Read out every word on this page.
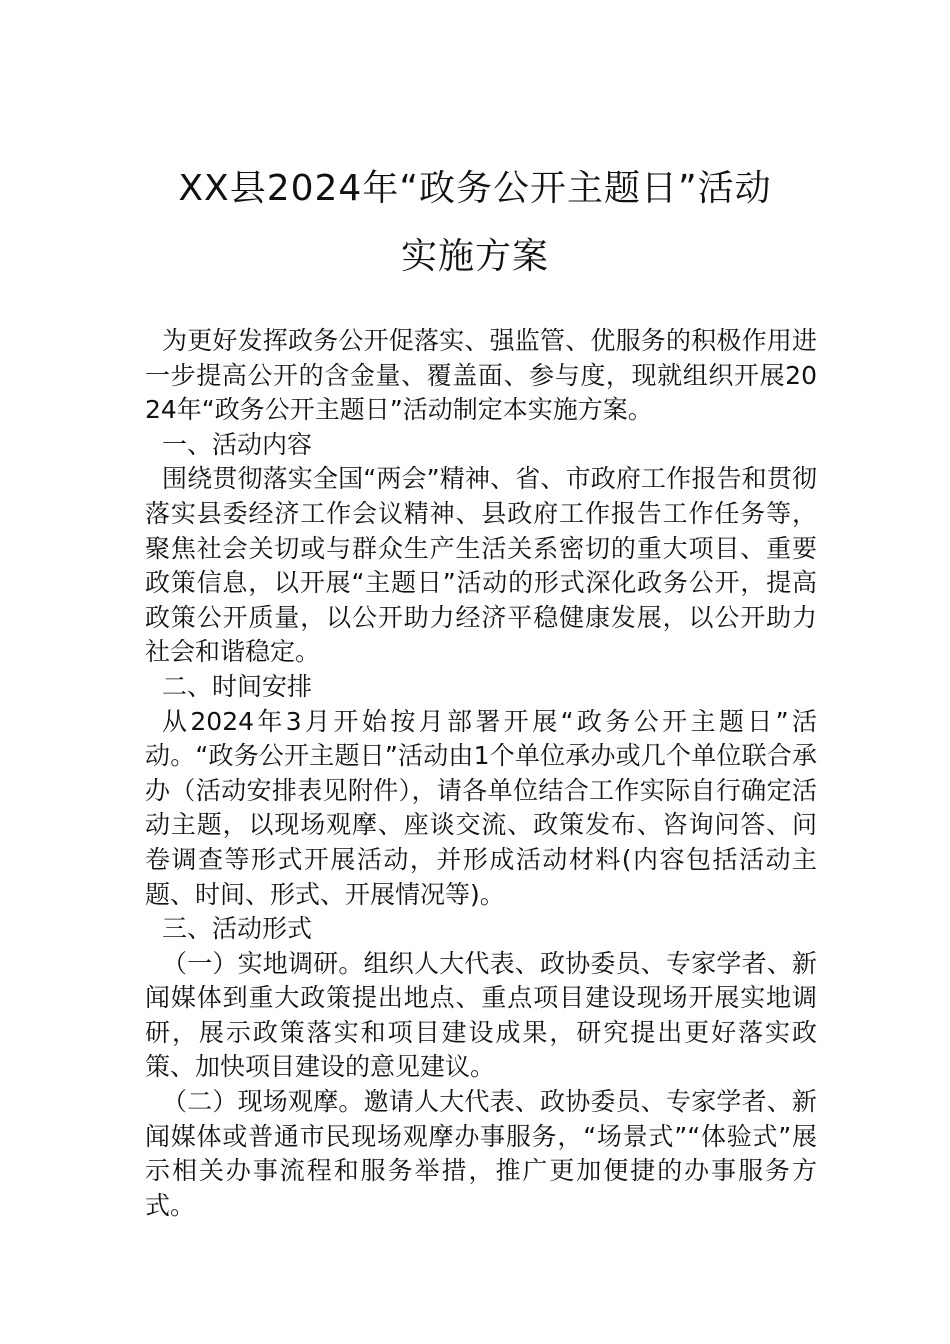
XX县2024年“政务公开主题日”活动
实施方案

为更好发挥政务公开促落实、强监管、优服务的积极作用进一步提高公开的含金量、覆盖面、参与度，现就组织开展2024年“政务公开主题日”活动制定本实施方案。

一、活动内容

围绕贯彻落实全国“两会”精神、省、市政府工作报告和贯彻落实县委经济工作会议精神、县政府工作报告工作任务等，聚焦社会关切或与群众生产生活关系密切的重大项目、重要政策信息，以开展“主题日”活动的形式深化政务公开，提高政策公开质量，以公开助力经济平稳健康发展，以公开助力社会和谐稳定。

二、时间安排

从2024年3月开始按月部署开展“政务公开主题日”活动。“政务公开主题日”活动由1个单位承办或几个单位联合承办（活动安排表见附件），请各单位结合工作实际自行确定活动主题，以现场观摩、座谈交流、政策发布、咨询问答、问卷调查等形式开展活动，并形成活动材料(内容包括活动主题、时间、形式、开展情况等)。

三、活动形式

（一）实地调研。组织人大代表、政协委员、专家学者、新闻媒体到重大政策提出地点、重点项目建设现场开展实地调研，展示政策落实和项目建设成果，研究提出更好落实政策、加快项目建设的意见建议。

（二）现场观摩。邀请人大代表、政协委员、专家学者、新闻媒体或普通市民现场观摩办事服务，“场景式”“体验式”展示相关办事流程和服务举措，推广更加便捷的办事服务方式。
